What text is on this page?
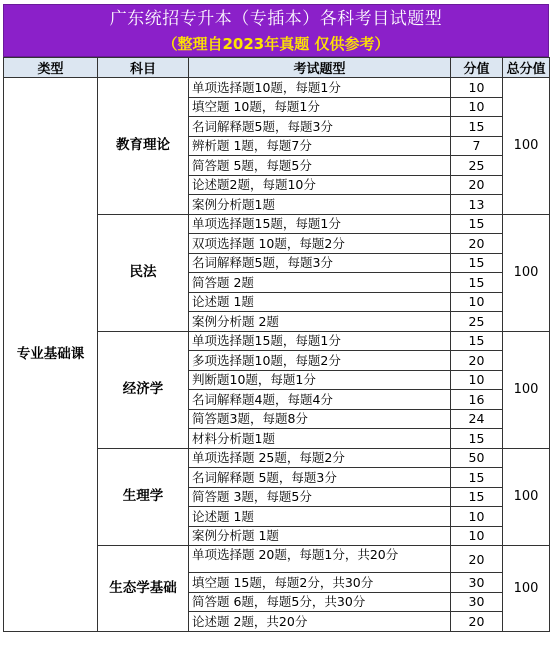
广东统招专升本（专插本）各科考目试题型
（整理自2023年真题 仅供参考）
类型	科目	考试题型	分值	总分值
专业基础课	教育理论	单项选择题10题，每题1分	10	100
		填空题 10题，每题1分	10	
		名词解释题5题，每题3分	15	
		辨析题 1题，每题7分	7	
		简答题 5题，每题5分	25	
		论述题2题，每题10分	20	
		案例分析题1题	13	
	民法	单项选择题15题，每题1分	15	100
		双项选择题 10题，每题2分	20	
		名词解释题5题，每题3分	15	
		简答题 2题	15	
		论述题 1题	10	
		案例分析题 2题	25	
	经济学	单项选择题15题，每题1分	15	100
		多项选择题10题，每题2分	20	
		判断题10题，每题1分	10	
		名词解释题4题，每题4分	16	
		简答题3题，每题8分	24	
		材料分析题1题	15	
	生理学	单项选择题 25题，每题2分	50	100
		名词解释题 5题，每题3分	15	
		简答题 3题，每题5分	15	
		论述题 1题	10	
		案例分析题 1题	10	
	生态学基础	单项选择题 20题，每题1分，共20分	20	100
		填空题 15题，每题2分，共30分	30	
		简答题 6题，每题5分，共30分	30	
		论述题 2题，共20分	20	
